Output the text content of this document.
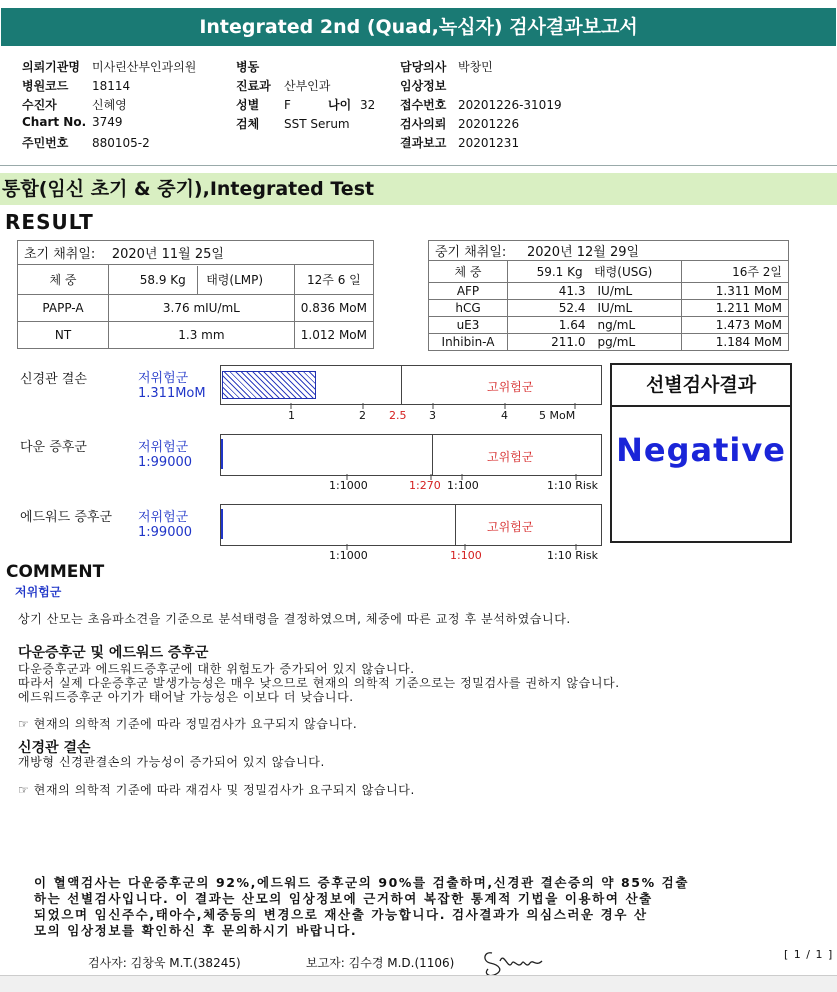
Integrated 2nd (Quad,녹십자) 검사결과보고서
의뢰기관명 미사린산부인과의원
병원코드 18114
수진자	신혜영
Chart No. 3749
주민번호 880105-2
병동
진료과 산부인과
성별 F	나이 32
검체 SST Serum
담당의사 박창민
임상정보
접수번호 20201226-31019
검사의뢰 20201226
결과보고 20201231
통합(임신 초기 & 중기),Integrated Test
RESULT
초기 채취일: 2020년 11월 25일		
체 중	58.9 Kg 태령(LMP)	12주 6 일
PAPP-A	3.76 mIU/mL	0.836 MoM
NT	1.3 mm	1.012 MoM
중기 채취일: 2020년 12월 29일			
체 중	59.1 Kg 태령(USG)		16주 2일
AFP	41.3	IU/mL	1.311 MoM
hCG	52.4	IU/mL	1.211 MoM
uE3	1.64	ng/mL	1.473 MoM
Inhibin-A	211.0	pg/mL	1.184 MoM
신경관 결손	저위험군
1.311MoM	고위험군
1	2 2.5 3	4	5 MoM
선별검사결과
Negative
다운 증후군	저위험군
1:99000	고위험군
1:1000	1:270 1:100	1:10 Risk
에드워드 증후군 저위험군
1:99000	고위험군
1:1000	1:100	1:10 Risk
COMMENT
저위험군
상기 산모는 초음파소견을 기준으로 분석태령을 결정하였으며, 체중에 따른 교정 후 분석하였습니다.
다운증후군 및 에드워드 증후군
다운증후군과 에드워드증후군에 대한 위험도가 증가되어 있지 않습니다.
따라서 실제 다운증후군 발생가능성은 매우 낮으므로 현재의 의학적 기준으로는 정밀검사를 권하지 않습니다.
에드워드증후군 아기가 태어날 가능성은 이보다 더 낮습니다.
☞ 현재의 의학적 기준에 따라 정밀검사가 요구되지 않습니다.
신경관 결손
개방형 신경관결손의 가능성이 증가되어 있지 않습니다.
☞ 현재의 의학적 기준에 따라 재검사 및 정밀검사가 요구되지 않습니다.
이 혈액검사는 다운증후군의 92%,에드워드 증후군의 90%를 검출하며,신경관 결손증의 약 85% 검출
하는 선별검사입니다. 이 결과는 산모의 임상정보에 근거하여 복잡한 통계적 기법을 이용하여 산출
되었으며 임신주수,태아수,체중등의 변경으로 재산출 가능합니다. 검사결과가 의심스러운 경우 산
모의 임상정보를 확인하신 후 문의하시기 바랍니다.
검사자: 김창욱 M.T.(38245)	보고자: 김수경 M.D.(1106)
[ 1 / 1 ]
